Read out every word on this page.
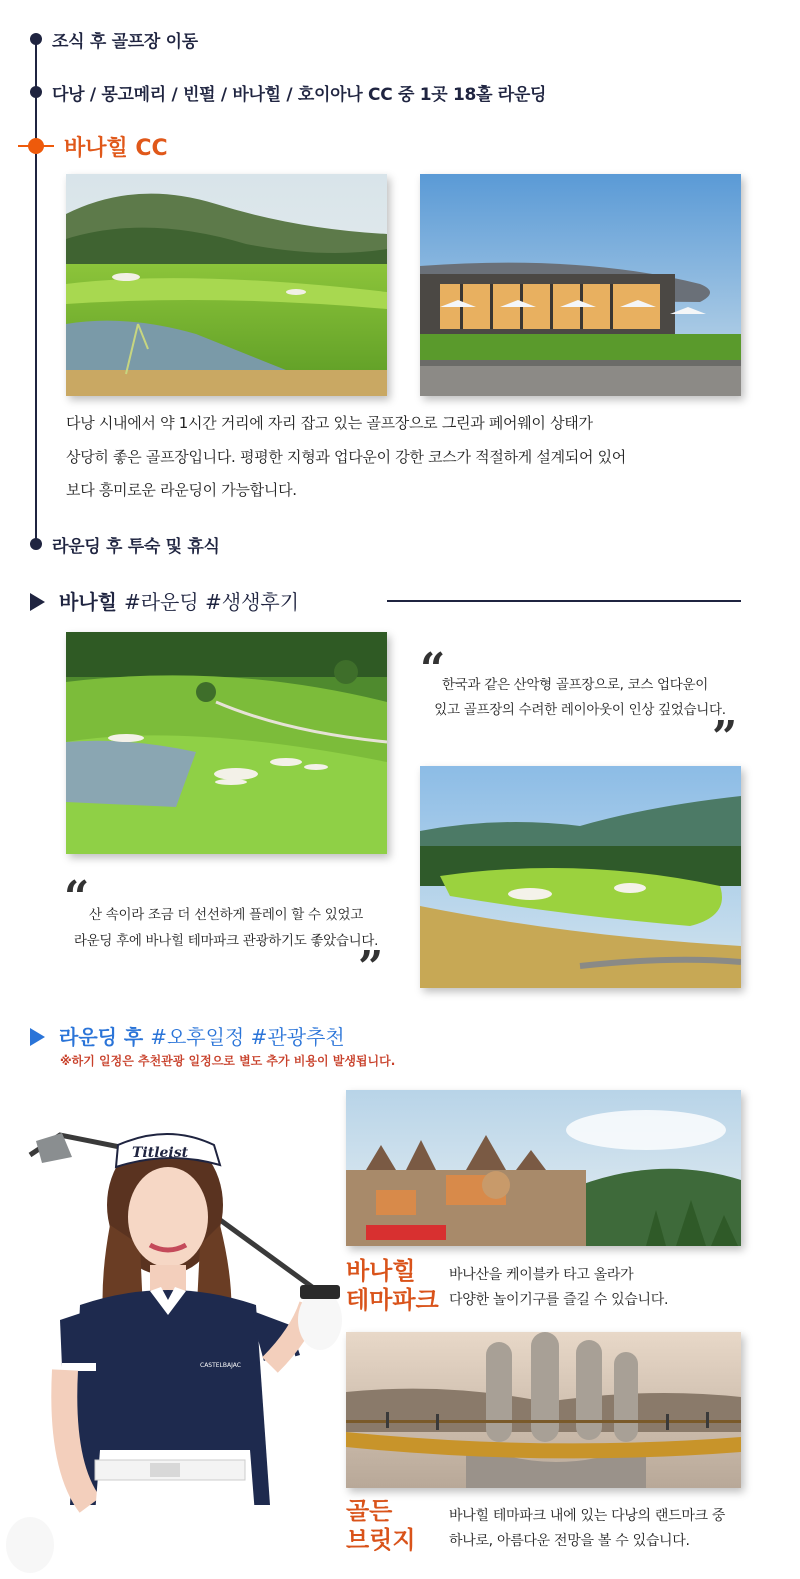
조식 후 골프장 이동
다낭 / 몽고메리 / 빈펄 / 바나힐 / 호이아나 CC 중 1곳 18홀 라운딩
바나힐 CC
다낭 시내에서 약 1시간 거리에 자리 잡고 있는 골프장으로 그린과 페어웨이 상태가
상당히 좋은 골프장입니다. 평평한 지형과 업다운이 강한 코스가 적절하게 설계되어 있어
보다 흥미로운 라운딩이 가능합니다.
라운딩 후 투숙 및 휴식
바나힐 #라운딩 #생생후기
“
한국과 같은 산악형 골프장으로, 코스 업다운이
있고 골프장의 수려한 레이아웃이 인상 깊었습니다.
”
“ 산 속이라 조금 더 선선하게 플레이 할 수 있었고
라운딩 후에 바나힐 테마파크 관광하기도 좋았습니다.
”
라운딩 후 #오후일정 #관광추천
※하기 일정은 추천관광 일정으로 별도 추가 비용이 발생됩니다.
Titleist
CASTELBAJAC
바나힐
테마파크
바나산을 케이블카 타고 올라가
다양한 놀이기구를 즐길 수 있습니다.
골든
브릿지
바나힐 테마파크 내에 있는 다낭의 랜드마크 중
하나로, 아름다운 전망을 볼 수 있습니다.
